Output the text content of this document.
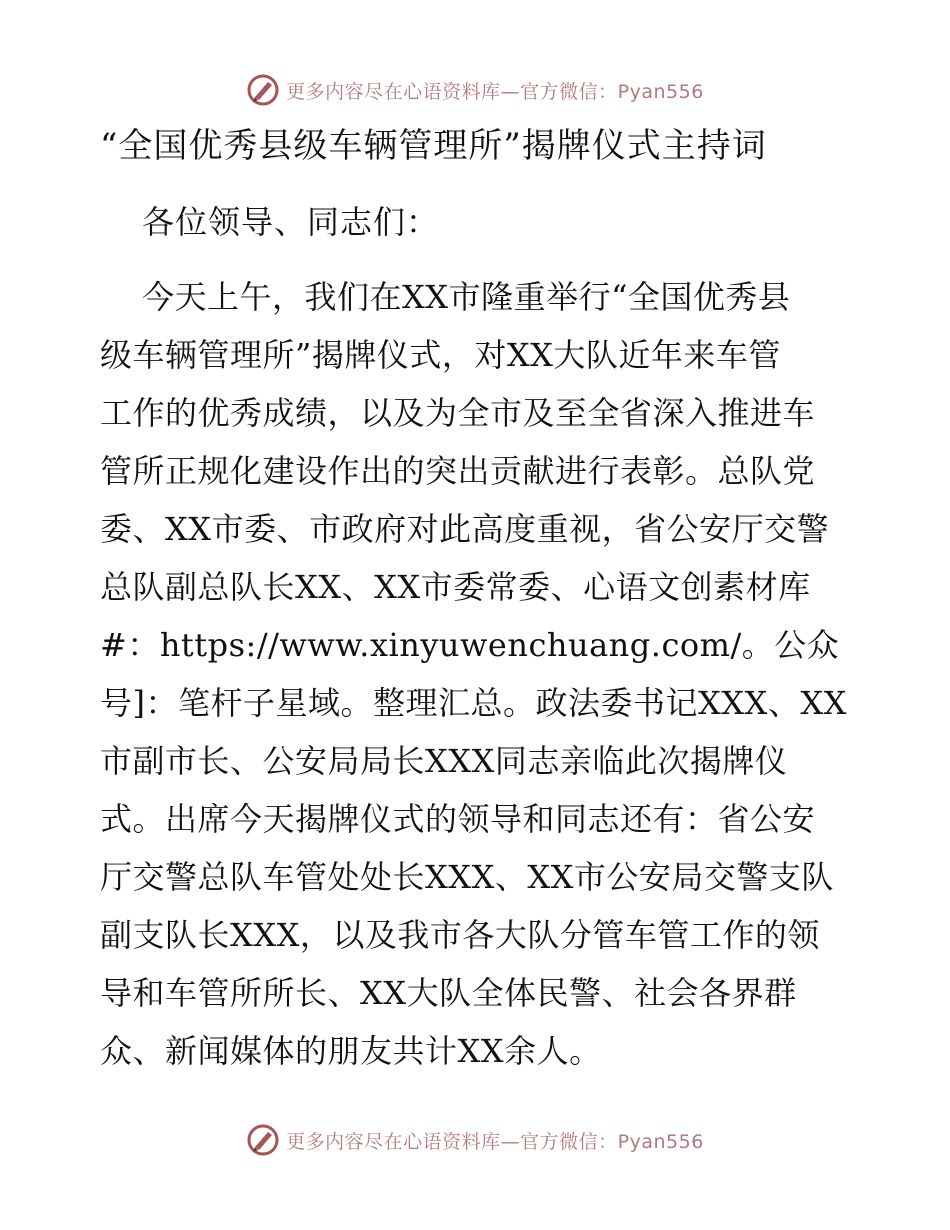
更多内容尽在心语资料库—官方微信：Pyan556
“全国优秀县级车辆管理所”揭牌仪式主持词
各位领导、同志们：
今天上午，我们在XX市隆重举行“全国优秀县
级车辆管理所”揭牌仪式，对XX大队近年来车管
工作的优秀成绩，以及为全市及至全省深入推进车
管所正规化建设作出的突出贡献进行表彰。总队党
委、XX市委、市政府对此高度重视，省公安厅交警
总队副总队长XX、XX市委常委、心语文创素材库
#：https://www.xinyuwenchuang.com/。公众
号]：笔杆子星域。整理汇总。政法委书记XXX、XX
市副市长、公安局局长XXX同志亲临此次揭牌仪
式。出席今天揭牌仪式的领导和同志还有：省公安
厅交警总队车管处处长XXX、XX市公安局交警支队
副支队长XXX，以及我市各大队分管车管工作的领
导和车管所所长、XX大队全体民警、社会各界群
众、新闻媒体的朋友共计XX余人。
更多内容尽在心语资料库—官方微信：Pyan556
